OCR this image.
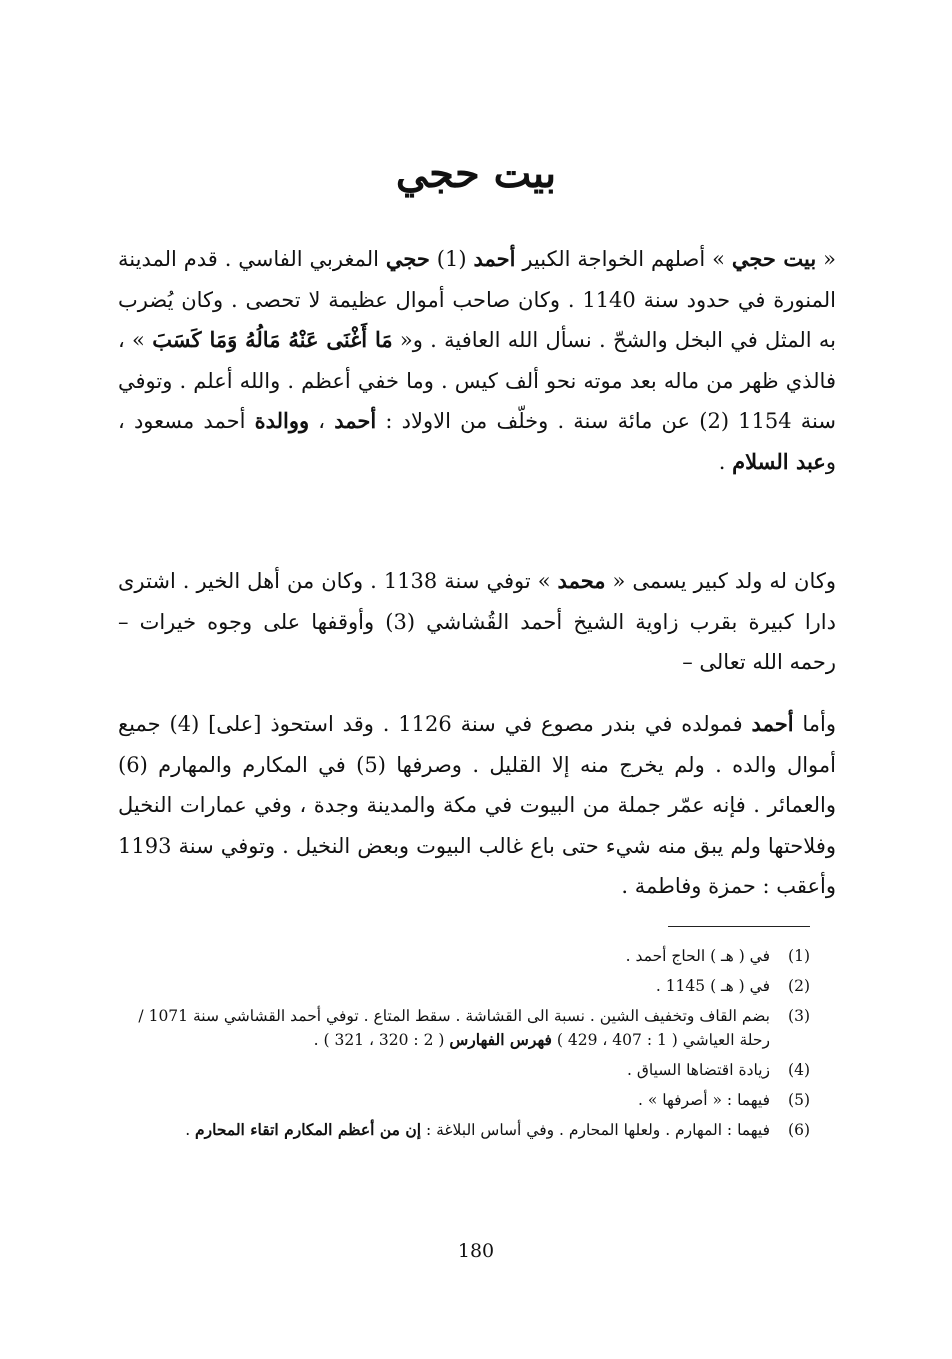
بيت حجي

« بيت حجي » أصلهم الخواجة الكبير أحمد (1) حجي المغربي الفاسي . قدم المدينة المنورة في حدود سنة 1140 . وكان صاحب أموال عظيمة لا تحصى . وكان يُضرب به المثل في البخل والشحّ . نسأل الله العافية . و« مَا أَغْنَى عَنْهُ مَالُهُ وَمَا كَسَبَ » ، فالذي ظهر من ماله بعد موته نحو ألف كيس . وما خفي أعظم . والله أعلم . وتوفي سنة 1154 (2) عن مائة سنة . وخلّف من الاولاد : أحمد ، ووالدة أحمد مسعود ، وعبد السلام .

وكان له ولد كبير يسمى « محمد » توفي سنة 1138 . وكان من أهل الخير . اشترى دارا كبيرة بقرب زاوية الشيخ أحمد القُشاشي (3) وأوقفها على وجوه خيرات – رحمه الله تعالى –

وأما أحمد فمولده في بندر مصوع في سنة 1126 . وقد استحوذ [على] (4) جميع أموال والده . ولم يخرج منه إلا القليل . وصرفها (5) في المكارم والمهارم (6) والعمائر . فإنه عمّر جملة من البيوت في مكة والمدينة وجدة ، وفي عمارات النخيل وفلاحتها ولم يبق منه شيء حتى باع غالب البيوت وبعض النخيل . وتوفي سنة 1193 وأعقب : حمزة وفاطمة .

(1)
في ( هـ ) الحاج أحمد .
(2)
في ( هـ ) 1145 .
(3)
بضم القاف وتخفيف الشين . نسبة الى القشاشة . سقط المتاع . توفي أحمد القشاشي سنة 1071 / رحلة العياشي ( 1 : 407 ، 429 ) فهرس الفهارس ( 2 : 320 ، 321 ) .
(4)
زيادة اقتضاها السياق .
(5)
فيهما : « أصرفها » .
(6)
فيهما : المهارم . ولعلها المحارم . وفي أساس البلاغة : إن من أعظم المكارم اتقاء المحارم .
180
